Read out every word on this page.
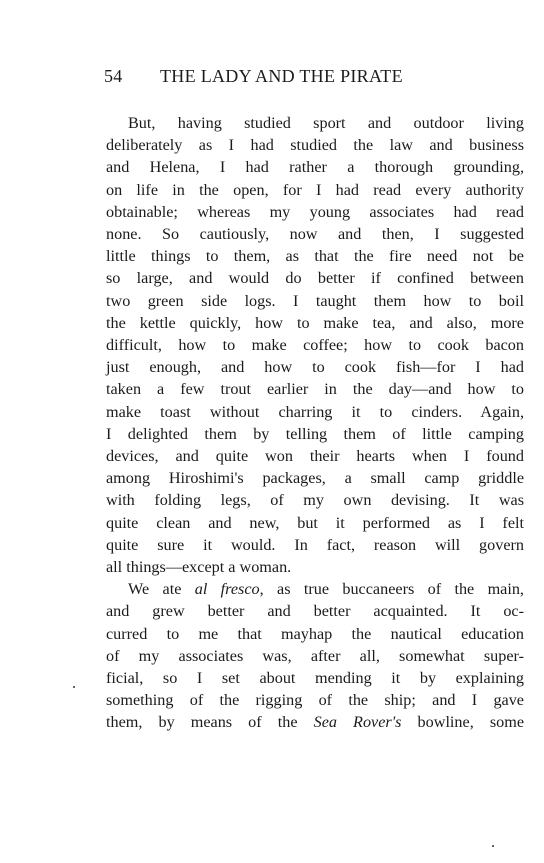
54 THE LADY AND THE PIRATE
But, having studied sport and outdoor living
deliberately as I had studied the law and business
and Helena, I had rather a thorough grounding,
on life in the open, for I had read every authority
obtainable; whereas my young associates had read
none. So cautiously, now and then, I suggested
little things to them, as that the fire need not be
so large, and would do better if confined between
two green side logs. I taught them how to boil
the kettle quickly, how to make tea, and also, more
difficult, how to make coffee; how to cook bacon
just enough, and how to cook fish—for I had
taken a few trout earlier in the day—and how to
make toast without charring it to cinders. Again,
I delighted them by telling them of little camping
devices, and quite won their hearts when I found
among Hiroshimi's packages, a small camp griddle
with folding legs, of my own devising. It was
quite clean and new, but it performed as I felt
quite sure it would. In fact, reason will govern
all things—except a woman.
We ate al fresco, as true buccaneers of the main,
and grew better and better acquainted. It oc-
curred to me that mayhap the nautical education
of my associates was, after all, somewhat super-
ficial, so I set about mending it by explaining
something of the rigging of the ship; and I gave
them, by means of the Sea Rover's bowline, some
